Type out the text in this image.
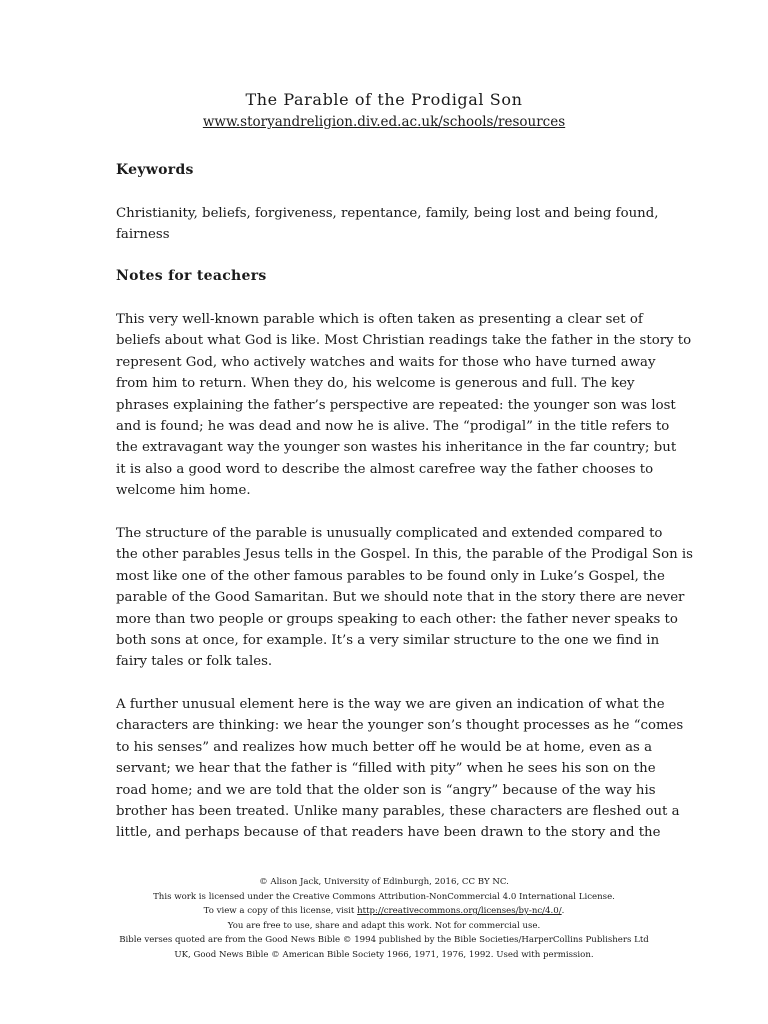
The Parable of the Prodigal Son
www.storyandreligion.div.ed.ac.uk/schools/resources
Keywords
Christianity, beliefs, forgiveness, repentance, family, being lost and being found,
fairness
Notes for teachers
This very well-known parable which is often taken as presenting a clear set of
beliefs about what God is like. Most Christian readings take the father in the story to
represent God, who actively watches and waits for those who have turned away
from him to return. When they do, his welcome is generous and full. The key
phrases explaining the father’s perspective are repeated: the younger son was lost
and is found; he was dead and now he is alive. The “prodigal” in the title refers to
the extravagant way the younger son wastes his inheritance in the far country; but
it is also a good word to describe the almost carefree way the father chooses to
welcome him home.
The structure of the parable is unusually complicated and extended compared to
the other parables Jesus tells in the Gospel. In this, the parable of the Prodigal Son is
most like one of the other famous parables to be found only in Luke’s Gospel, the
parable of the Good Samaritan. But we should note that in the story there are never
more than two people or groups speaking to each other: the father never speaks to
both sons at once, for example. It’s a very similar structure to the one we find in
fairy tales or folk tales.
A further unusual element here is the way we are given an indication of what the
characters are thinking: we hear the younger son’s thought processes as he “comes
to his senses” and realizes how much better off he would be at home, even as a
servant; we hear that the father is “filled with pity” when he sees his son on the
road home; and we are told that the older son is “angry” because of the way his
brother has been treated. Unlike many parables, these characters are fleshed out a
little, and perhaps because of that readers have been drawn to the story and the
© Alison Jack, University of Edinburgh, 2016, CC BY NC.
This work is licensed under the Creative Commons Attribution-NonCommercial 4.0 International License.
To view a copy of this license, visit http://creativecommons.org/licenses/by-nc/4.0/.
You are free to use, share and adapt this work. Not for commercial use.
Bible verses quoted are from the Good News Bible © 1994 published by the Bible Societies/HarperCollins Publishers Ltd
UK, Good News Bible © American Bible Society 1966, 1971, 1976, 1992. Used with permission.
